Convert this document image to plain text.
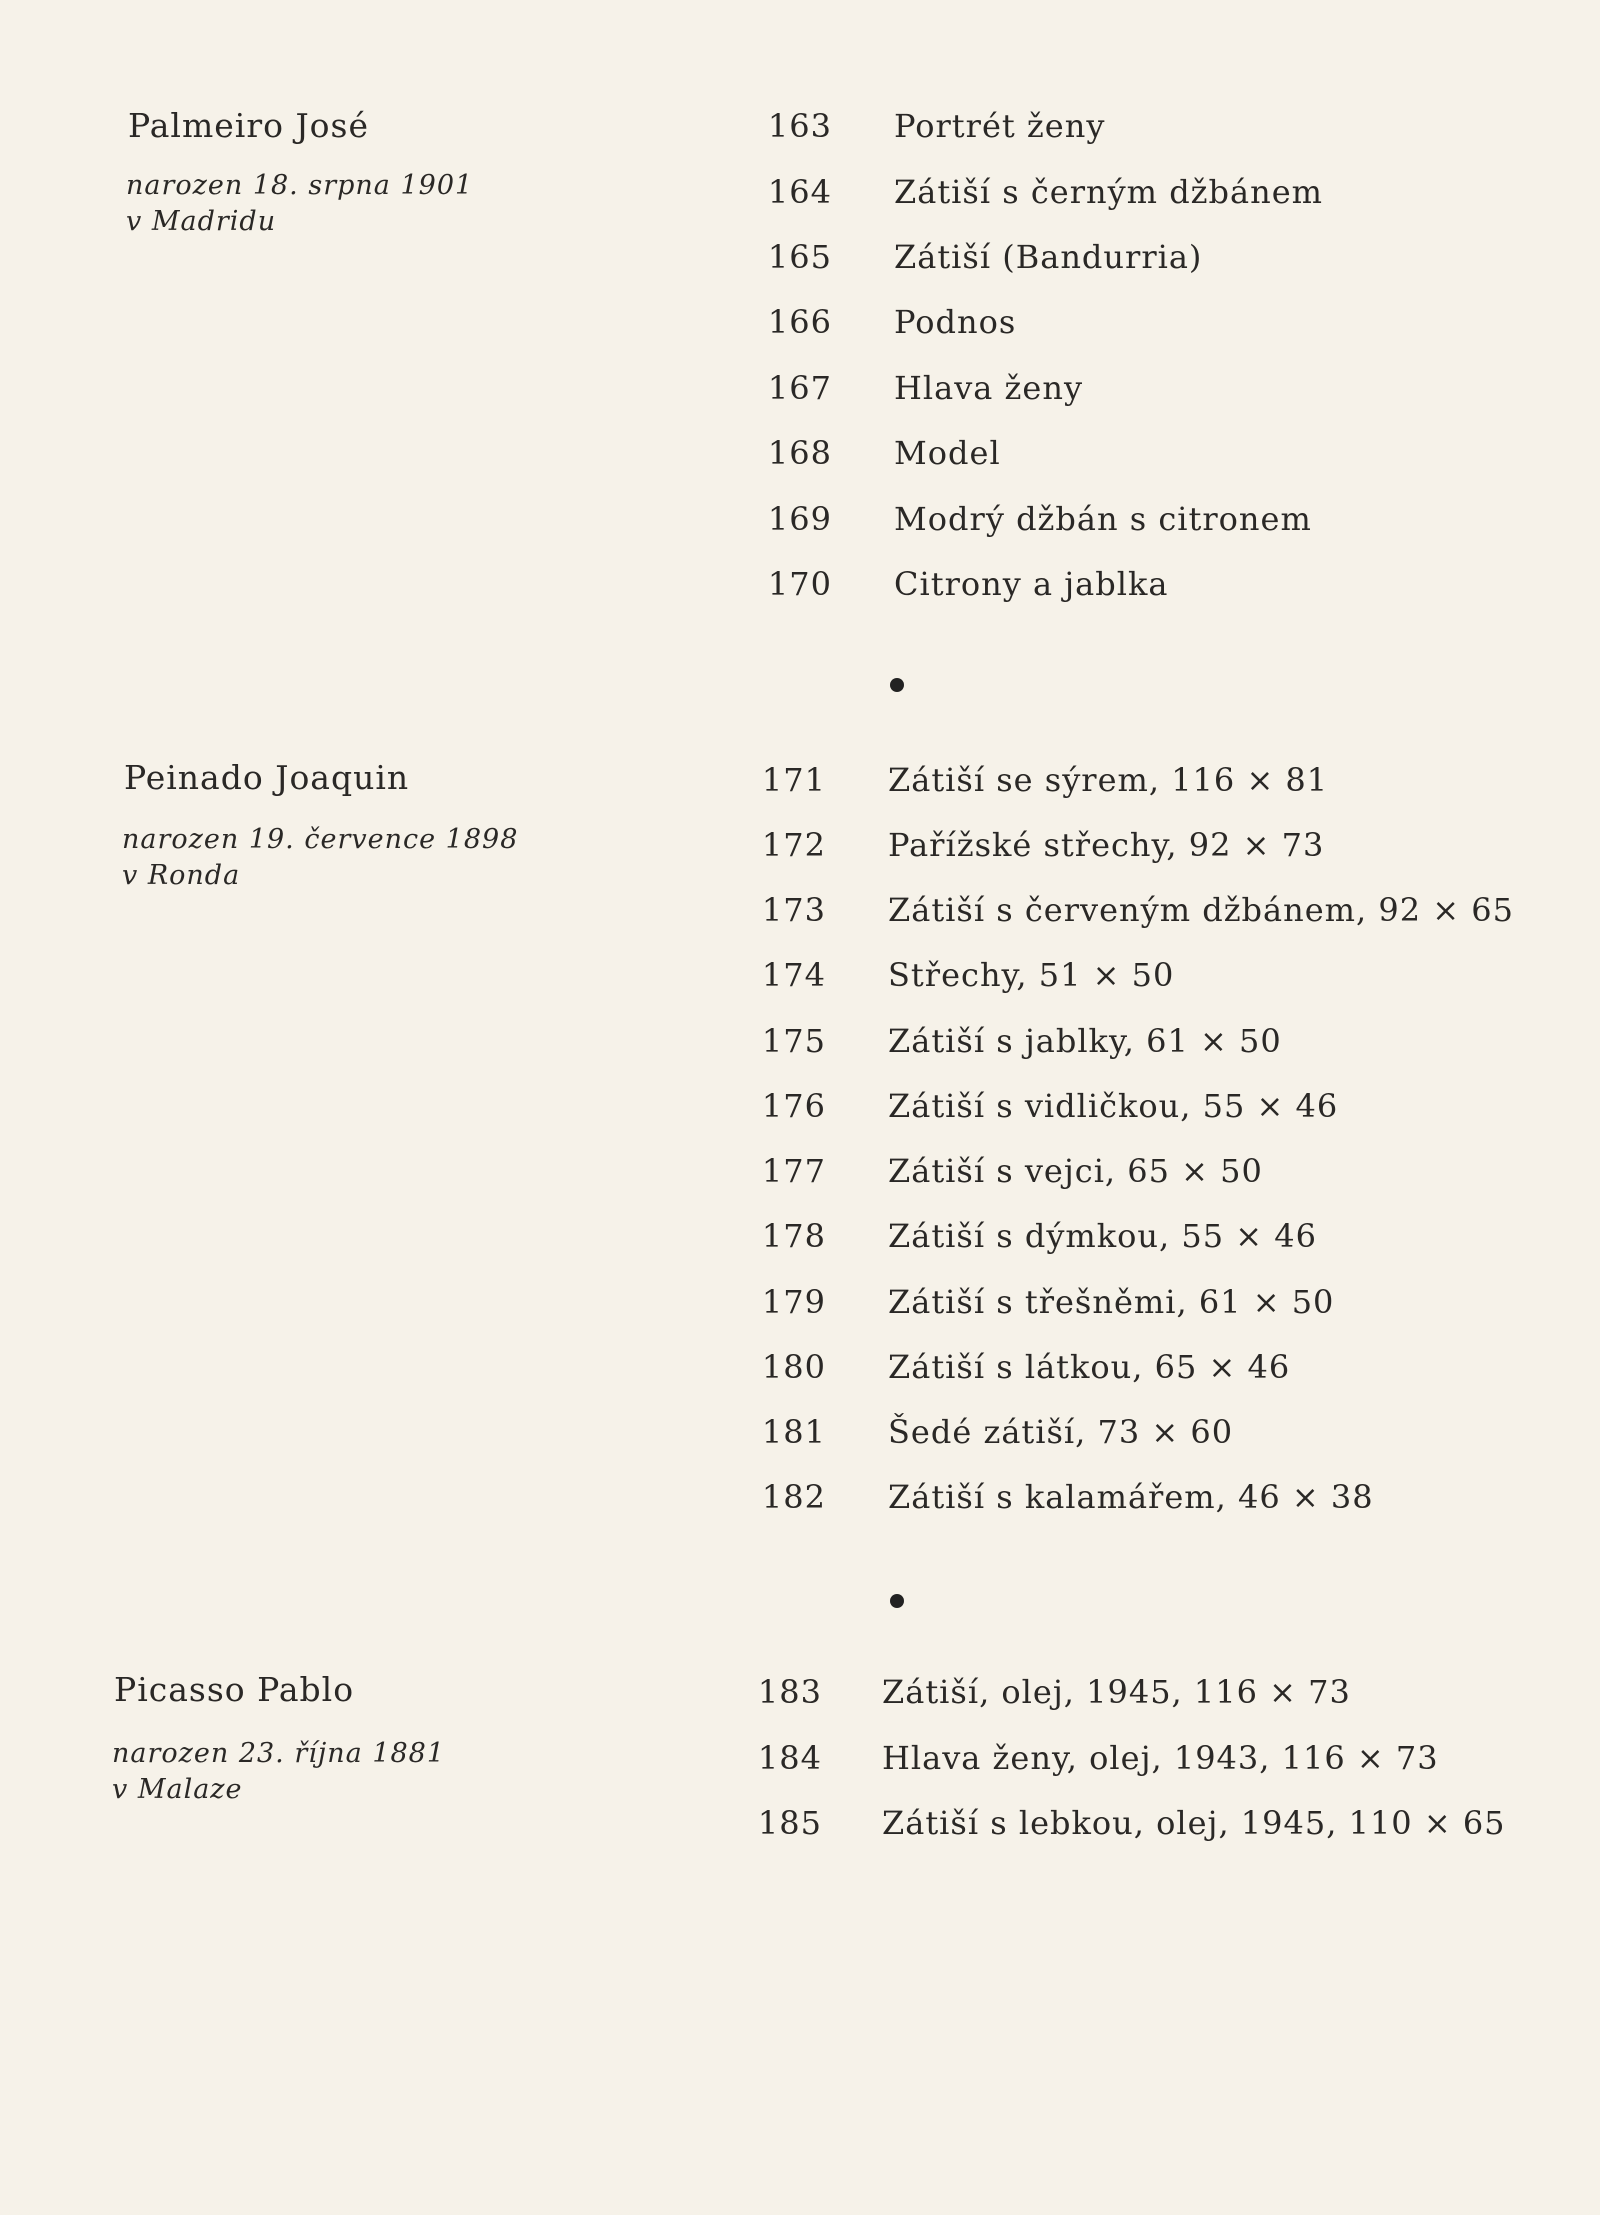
Palmeiro José
narozen 18. srpna 1901
v Madridu
163 Portrét ženy
164 Zátiší s černým džbánem
165 Zátiší (Bandurria)
166 Podnos
167 Hlava ženy
168 Model
169 Modrý džbán s citronem
170 Citrony a jablka
Peinado Joaquin
narozen 19. července 1898
v Ronda
171 Zátiší se sýrem, 116 × 81
172 Pařížské střechy, 92 × 73
173 Zátiší s červeným džbánem, 92 × 65
174 Střechy, 51 × 50
175 Zátiší s jablky, 61 × 50
176 Zátiší s vidličkou, 55 × 46
177 Zátiší s vejci, 65 × 50
178 Zátiší s dýmkou, 55 × 46
179 Zátiší s třešněmi, 61 × 50
180 Zátiší s látkou, 65 × 46
181 Šedé zátiší, 73 × 60
182 Zátiší s kalamářem, 46 × 38
Picasso Pablo
narozen 23. října 1881
v Malaze
183 Zátiší, olej, 1945, 116 × 73
184 Hlava ženy, olej, 1943, 116 × 73
185 Zátiší s lebkou, olej, 1945, 110 × 65
